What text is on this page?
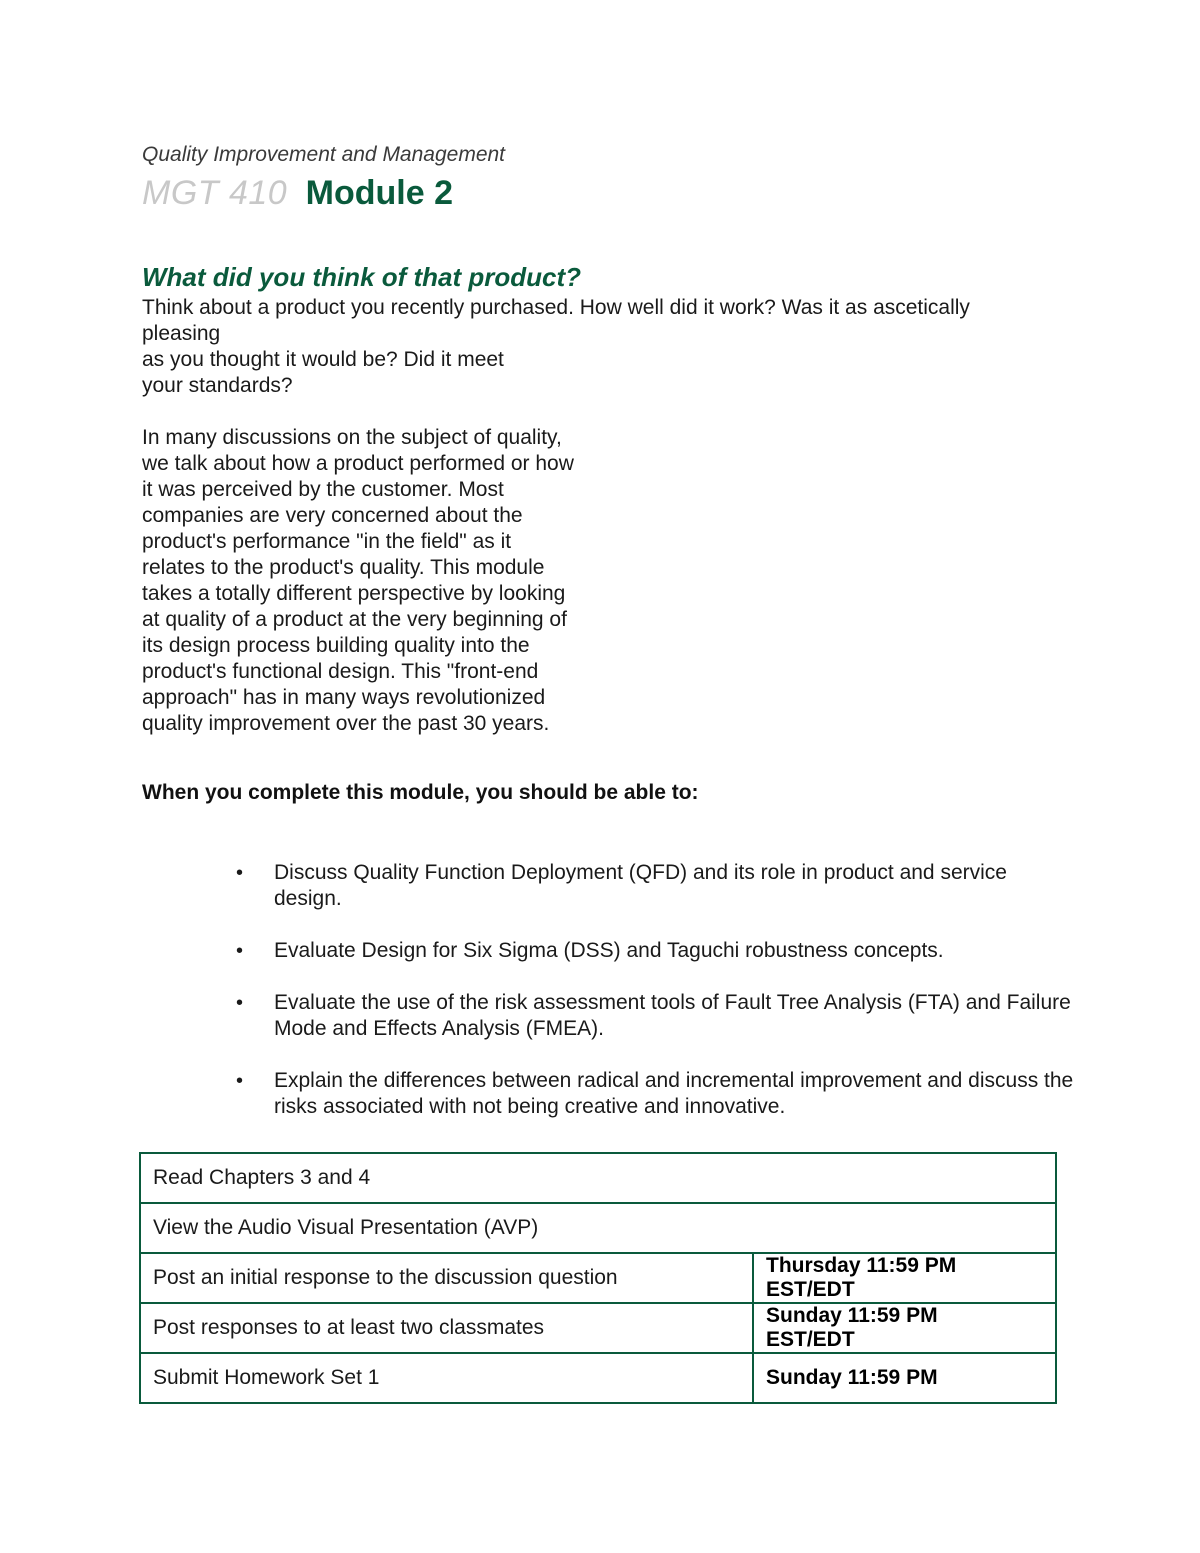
Quality Improvement and Management
MGT 410 Module 2
What did you think of that product?
Think about a product you recently purchased. How well did it work? Was it as ascetically
pleasing
as you thought it would be? Did it meet
your standards?
In many discussions on the subject of quality,
we talk about how a product performed or how
it was perceived by the customer. Most
companies are very concerned about the
product's performance "in the field" as it
relates to the product's quality. This module
takes a totally different perspective by looking
at quality of a product at the very beginning of
its design process building quality into the
product's functional design. This "front-end
approach" has in many ways revolutionized
quality improvement over the past 30 years.
When you complete this module, you should be able to:
• Discuss Quality Function Deployment (QFD) and its role in product and service design.
• Evaluate Design for Six Sigma (DSS) and Taguchi robustness concepts.
• Evaluate the use of the risk assessment tools of Fault Tree Analysis (FTA) and Failure Mode and Effects Analysis (FMEA).
• Explain the differences between radical and incremental improvement and discuss the risks associated with not being creative and innovative.
Read Chapters 3 and 4	
View the Audio Visual Presentation (AVP)	
Post an initial response to the discussion question	Thursday 11:59 PM
EST/EDT

Post responses to at least two classmates	Sunday 11:59 PM
EST/EDT

Submit Homework Set 1	Sunday 11:59 PM
